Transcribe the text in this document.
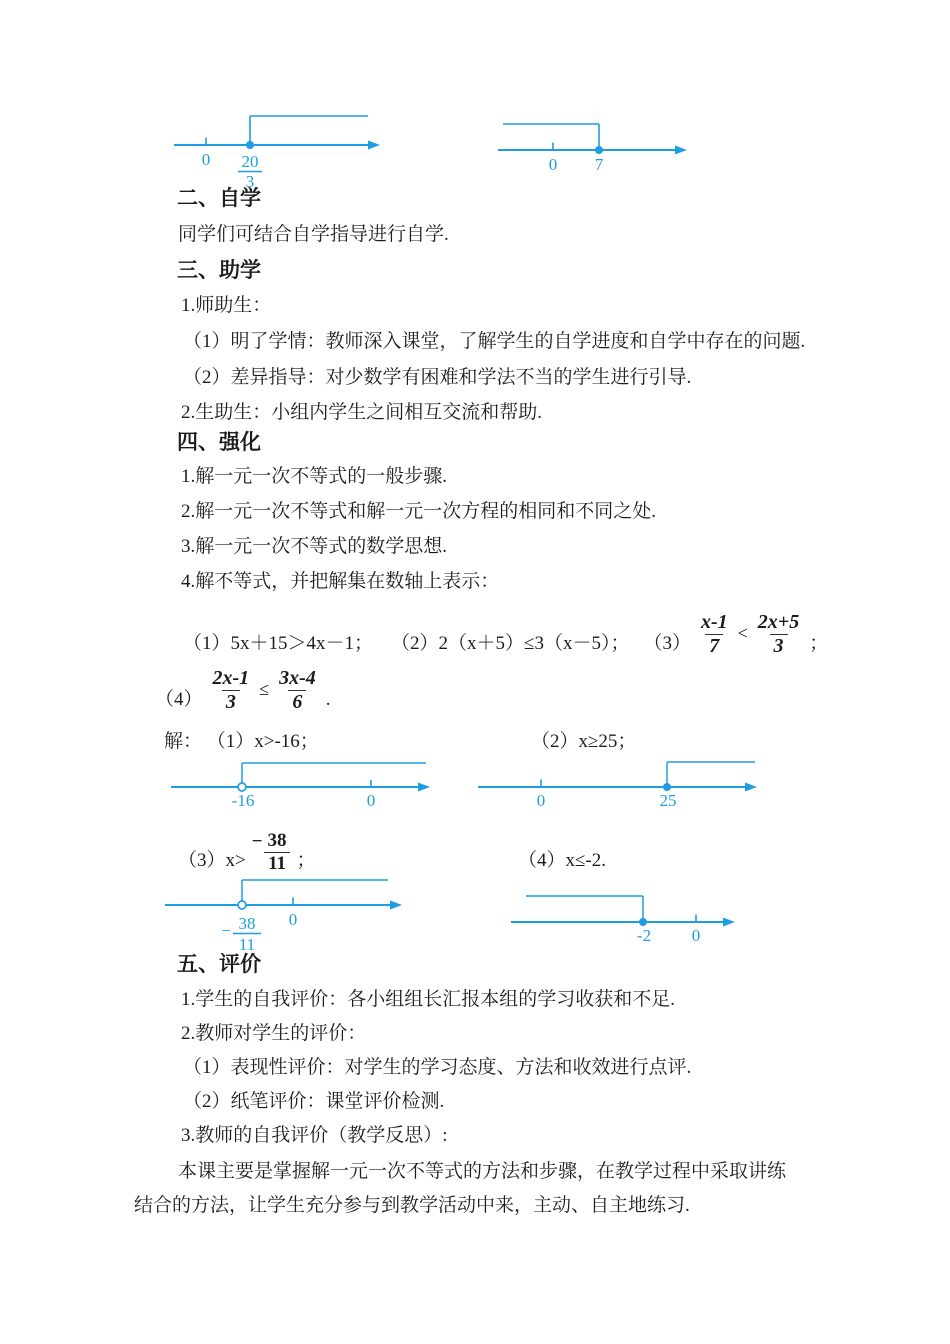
0 20
3
0 7
二、自学
同学们可结合自学指导进行自学.
三、助学
1.师助生：
（1）明了学情：教师深入课堂，了解学生的自学进度和自学中存在的问题.
（2）差异指导：对少数学有困难和学法不当的学生进行引导.
2.生助生：小组内学生之间相互交流和帮助.
四、强化
1.解一元一次不等式的一般步骤.
2.解一元一次不等式和解一元一次方程的相同和不同之处.
3.解一元一次不等式的数学思想.
4.解不等式，并把解集在数轴上表示：
（1）5x＋15＞4x－1； （2）2（x＋5）≤3（x－5）； $(3) \frac{x-1}{7} < \frac{2x+5}{3}$ ；
$(4) \frac{2x-1}{3} \le \frac{3x-4}{6}$ .
解： （1）x>-16；	（2）x≥25；
-16	0	0	25
（3）x>
− $\frac{38}{11}$ ；	（4）x≤-2.
0
− 38
11	-2 0
五、评价
1.学生的自我评价：各小组组长汇报本组的学习收获和不足.
2.教师对学生的评价：
（1）表现性评价：对学生的学习态度、方法和收效进行点评.
（2）纸笔评价：课堂评价检测.
3.教师的自我评价（教学反思）:
本课主要是掌握解一元一次不等式的方法和步骤，在教学过程中采取讲练
结合的方法，让学生充分参与到教学活动中来，主动、自主地练习.
